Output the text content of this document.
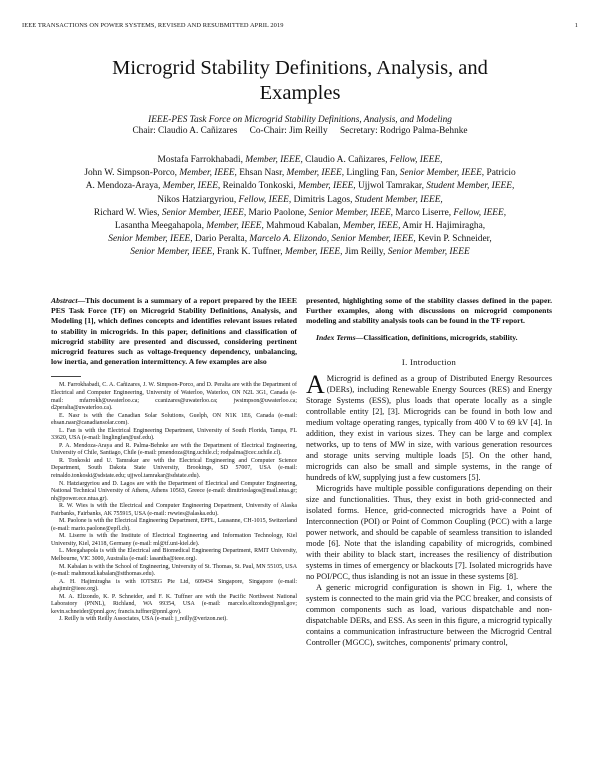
IEEE TRANSACTIONS ON POWER SYSTEMS, REVISED AND RESUBMITTED APRIL 2019	1
Microgrid Stability Definitions, Analysis, and
Examples
IEEE-PES Task Force on Microgrid Stability Definitions, Analysis, and Modeling
Chair: Claudio A. Cañizares Co-Chair: Jim Reilly Secretary: Rodrigo Palma-Behnke
Mostafa Farrokhabadi, Member, IEEE, Claudio A. Cañizares, Fellow, IEEE,
John W. Simpson-Porco, Member, IEEE, Ehsan Nasr, Member, IEEE, Lingling Fan, Senior Member, IEEE, Patricio
A. Mendoza-Araya, Member, IEEE, Reinaldo Tonkoski, Member, IEEE, Ujjwol Tamrakar, Student Member, IEEE,
Nikos Hatziargyriou, Fellow, IEEE, Dimitris Lagos, Student Member, IEEE,
Richard W. Wies, Senior Member, IEEE, Mario Paolone, Senior Member, IEEE, Marco Liserre, Fellow, IEEE,
Lasantha Meegahapola, Member, IEEE, Mahmoud Kabalan, Member, IEEE, Amir H. Hajimiragha,
Senior Member, IEEE, Dario Peralta, Marcelo A. Elizondo, Senior Member, IEEE, Kevin P. Schneider,
Senior Member, IEEE, Frank K. Tuffner, Member, IEEE, Jim Reilly, Senior Member, IEEE

Abstract—This document is a summary of a report prepared by the IEEE PES Task Force (TF) on Microgrid Stability Definitions, Analysis, and Modeling [1], which defines concepts and identifies relevant issues related to stability in microgrids. In this paper, definitions and classification of microgrid stability are presented and discussed, considering pertinent microgrid features such as voltage-frequency dependency, unbalancing, low inertia, and generation intermittency. A few examples are also

M. Farrokhabadi, C. A. Cañizares, J. W. Simpson-Porco, and D. Peralta are with the Department of Electrical and Computer Engineering, University of Waterloo, Waterloo, ON N2L 3G1, Canada (e-mail: mfarrokh@uwaterloo.ca; ccanizares@uwaterloo.ca; jwsimpson@uwaterloo.ca; d2peralta@uwaterloo.ca).

E. Nasr is with the Canadian Solar Solutions, Guelph, ON N1K 1E6, Canada (e-mail: ehsan.nasr@canadiansolar.com).

L. Fan is with the Electrical Engineering Department, University of South Florida, Tampa, FL 33620, USA (e-mail: linglingfan@usf.edu).

P. A. Mendoza-Araya and R. Palma-Behnke are with the Department of Electrical Engineering, University of Chile, Santiago, Chile (e-mail: pmendoza@ing.uchile.cl; rodpalma@cec.uchile.cl).

R. Tonkoski and U. Tamrakar are with the Electrical Engineering and Computer Science Department, South Dakota State University, Brookings, SD 57007, USA (e-mail: reinaldo.tonkoski@sdstate.edu; ujjwol.tamrakar@sdstate.edu).

N. Hatziargyriou and D. Lagos are with the Department of Electrical and Computer Engineering, National Technical University of Athens, Athens 10563, Greece (e-mail: dimitrioslagos@mail.ntua.gr; nh@power.ece.ntua.gr).

R. W. Wies is with the Electrical and Computer Engineering Department, University of Alaska Fairbanks, Fairbanks, AK 755915, USA (e-mail: rwwies@alaska.edu).

M. Paolone is with the Electrical Engineering Department, EPFL, Lausanne, CH-1015, Switzerland (e-mail: mario.paolone@epfl.ch).

M. Liserre is with the Institute of Electrical Engineering and Information Technology, Kiel University, Kiel, 24118, Germany (e-mail: ml@tf.uni-kiel.de).

L. Meegahapola is with the Electrical and Biomedical Engineering Department, RMIT University, Melbourne, VIC 3000, Australia (e-mail: lasantha@ieee.org).

M. Kabalan is with the School of Engineering, University of St. Thomas, St. Paul, MN 55105, USA (e-mail: mahmoud.kabalan@stthomas.edu).

A. H. Hajimiragha is with IOTSEG Pte Ltd, 609434 Singapore, Singapore (e-mail: ahajimir@ieee.org).

M. A. Elizondo, K. P. Schneider, and F. K. Tuffner are with the Pacific Northwest National Laboratory (PNNL), Richland, WA 99354, USA (e-mail: marcelo.elizondo@pnnl.gov; kevin.schneider@pnnl.gov; francis.tuffner@pnnl.gov).

J. Reilly is with Reilly Associates, USA (e-mail: j_reilly@verizon.net).

presented, highlighting some of the stability classes defined in the paper. Further examples, along with discussions on microgrid components modeling and stability analysis tools can be found in the TF report.

Index Terms—Classification, definitions, microgrids, stability.

I. Introduction

A Microgrid is defined as a group of Distributed Energy Resources (DERs), including Renewable Energy Sources (RES) and Energy Storage Systems (ESS), plus loads that operate locally as a single controllable entity [2], [3]. Microgrids can be found in both low and medium voltage operating ranges, typically from 400 V to 69 kV [4]. In addition, they exist in various sizes. They can be large and complex networks, up to tens of MW in size, with various generation resources and storage units serving multiple loads [5]. On the other hand, microgrids can also be small and simple systems, in the range of hundreds of kW, supplying just a few customers [5].

Microgrids have multiple possible configurations depending on their size and functionalities. Thus, they exist in both grid-connected and isolated forms. Hence, grid-connected microgrids have a Point of Interconnection (POI) or Point of Common Coupling (PCC) with a large power network, and should be capable of seamless transition to islanded mode [6]. Note that the islanding capability of microgrids, combined with their ability to black start, increases the resiliency of distribution systems in times of emergency or blackouts [7]. Isolated microgrids have no POI/PCC, thus islanding is not an issue in these systems [8].

A generic microgrid configuration is shown in Fig. 1, where the system is connected to the main grid via the PCC breaker, and consists of common components such as load, various dispatchable and non-dispatchable DERs, and ESS. As seen in this figure, a microgrid typically contains a communication infrastructure between the Microgrid Central Controller (MGCC), switches, components' primary control,
